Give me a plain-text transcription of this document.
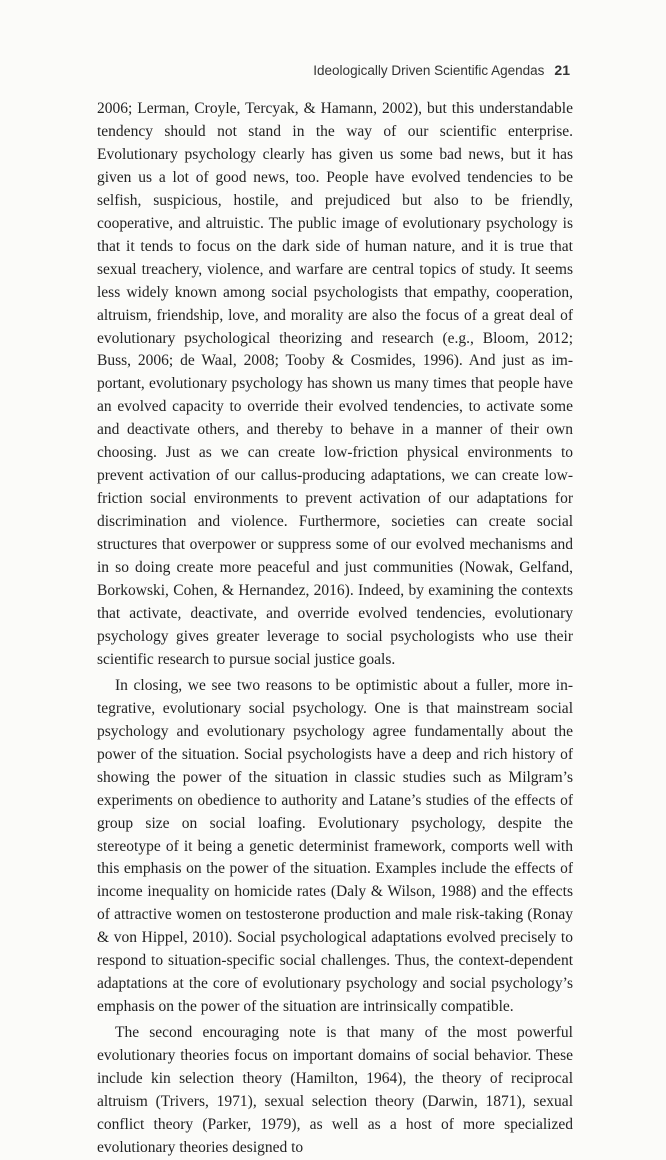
Ideologically Driven Scientific Agendas 21

2006; Lerman, Croyle, Tercyak, & Hamann, 2002), but this understandable tendency should not stand in the way of our scientific enterprise. Evolutionary psychology clearly has given us some bad news, but it has given us a lot of good news, too. People have evolved tendencies to be selfish, suspicious, hostile, and prejudiced but also to be friendly, cooperative, and altruistic. The public image of evolutionary psychology is that it tends to focus on the dark side of human nature, and it is true that sexual treachery, violence, and warfare are central topics of study. It seems less widely known among social psychologists that empathy, cooperation, altruism, friendship, love, and morality are also the focus of a great deal of evolutionary psychological theorizing and research (e.g., Bloom, 2012; Buss, 2006; de Waal, 2008; Tooby & Cosmides, 1996). And just as important, evolutionary psychology has shown us many times that people have an evolved capacity to override their evolved tendencies, to activate some and deactivate others, and thereby to behave in a manner of their own choosing. Just as we can create low-friction physical environments to prevent activation of our callus-producing adaptations, we can create low-friction social environments to prevent activation of our adaptations for discrimination and violence. Furthermore, societies can create social structures that overpower or suppress some of our evolved mechanisms and in so doing create more peaceful and just communities (Nowak, Gelfand, Borkowski, Cohen, & Hernandez, 2016). Indeed, by examining the contexts that activate, deactivate, and override evolved tendencies, evolutionary psychology gives greater leverage to social psychologists who use their scientific research to pursue social justice goals.

In closing, we see two reasons to be optimistic about a fuller, more integrative, evolutionary social psychology. One is that mainstream social psychology and evolutionary psychology agree fundamentally about the power of the situation. Social psychologists have a deep and rich history of showing the power of the situation in classic studies such as Milgram’s experiments on obedience to authority and Latane’s studies of the effects of group size on social loafing. Evolutionary psychology, despite the stereotype of it being a genetic determinist framework, comports well with this emphasis on the power of the situation. Examples include the effects of income inequality on homicide rates (Daly & Wilson, 1988) and the effects of attractive women on testosterone production and male risk-taking (Ronay & von Hippel, 2010). Social psychological adaptations evolved precisely to respond to situation-specific social challenges. Thus, the context-dependent adaptations at the core of evolutionary psychology and social psychology’s emphasis on the power of the situation are intrinsically compatible.

The second encouraging note is that many of the most powerful evolutionary theories focus on important domains of social behavior. These include kin selection theory (Hamilton, 1964), the theory of reciprocal altruism (Trivers, 1971), sexual selection theory (Darwin, 1871), sexual conflict theory (Parker, 1979), as well as a host of more specialized evolutionary theories designed to
